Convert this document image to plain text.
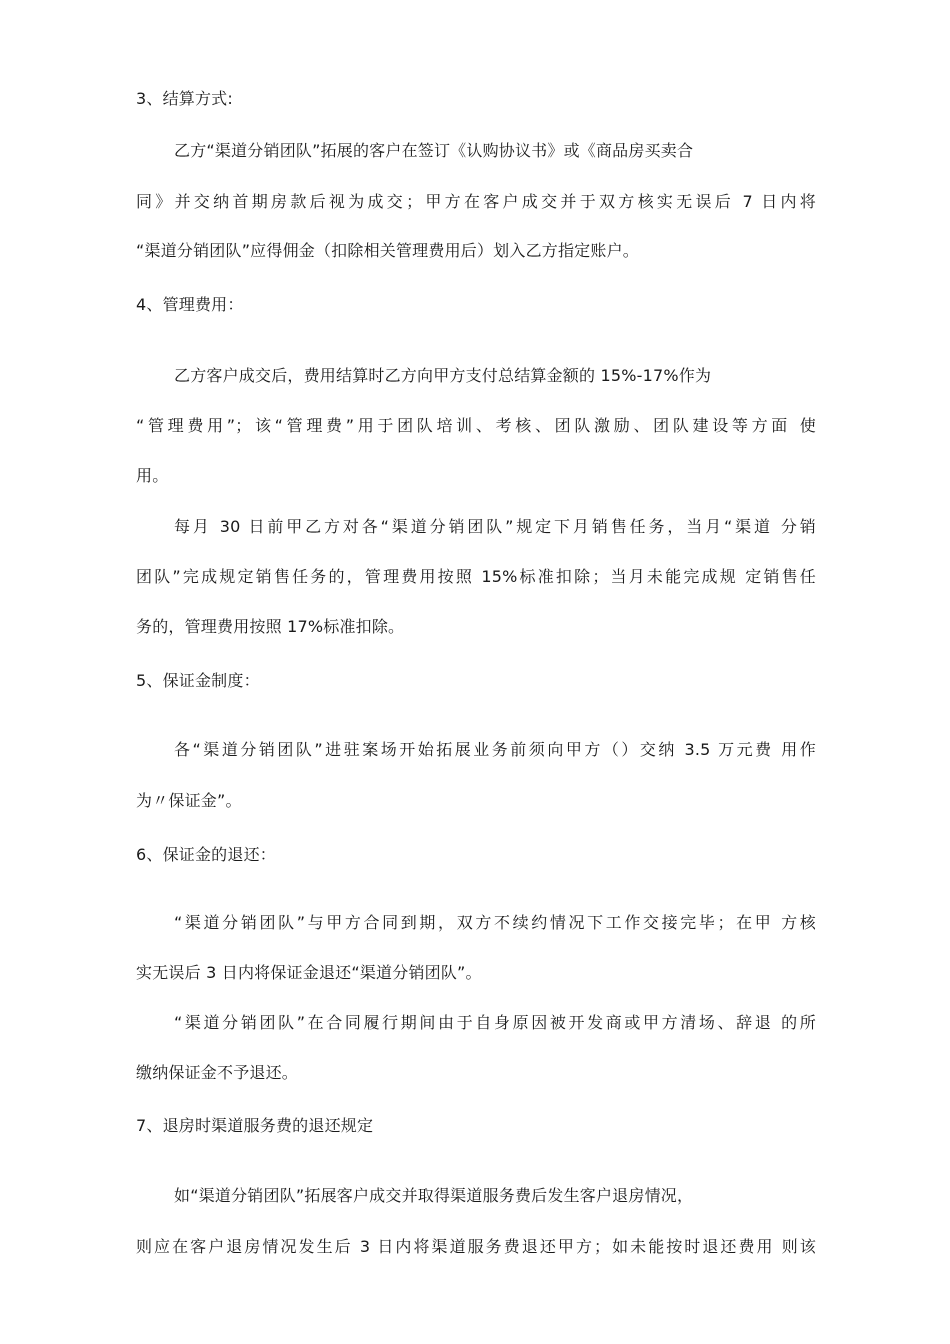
3、结算方式:
乙方“渠道分销团队”拓展的客户在签订《认购协议书》或《商品房买卖合
同》并交纳首期房款后视为成交；甲方在客户成交并于双方核实无误后 7 日内将
“渠道分销团队”应得佣金（扣除相关管理费用后）划入乙方指定账户。
4、管理费用：
乙方客户成交后，费用结算时乙方向甲方支付总结算金额的 15%-17%作为
“管理费用”；该“管理费”用于团队培训、考核、团队激励、团队建设等方面 使
用。
每月 30 日前甲乙方对各“渠道分销团队”规定下月销售任务，当月“渠道 分销
团队”完成规定销售任务的，管理费用按照 15%标准扣除；当月未能完成规 定销售任
务的，管理费用按照 17%标准扣除。
5、保证金制度：
各“渠道分销团队”进驻案场开始拓展业务前须向甲方（）交纳 3.5 万元费 用作
为〃保证金”。
6、保证金的退还：
“渠道分销团队”与甲方合同到期，双方不续约情况下工作交接完毕；在甲 方核
实无误后 3 日内将保证金退还“渠道分销团队”。
“渠道分销团队”在合同履行期间由于自身原因被开发商或甲方清场、辞退 的所
缴纳保证金不予退还。
7、退房时渠道服务费的退还规定
如“渠道分销团队”拓展客户成交并取得渠道服务费后发生客户退房情况，
则应在客户退房情况发生后 3 日内将渠道服务费退还甲方；如未能按时退还费用 则该
